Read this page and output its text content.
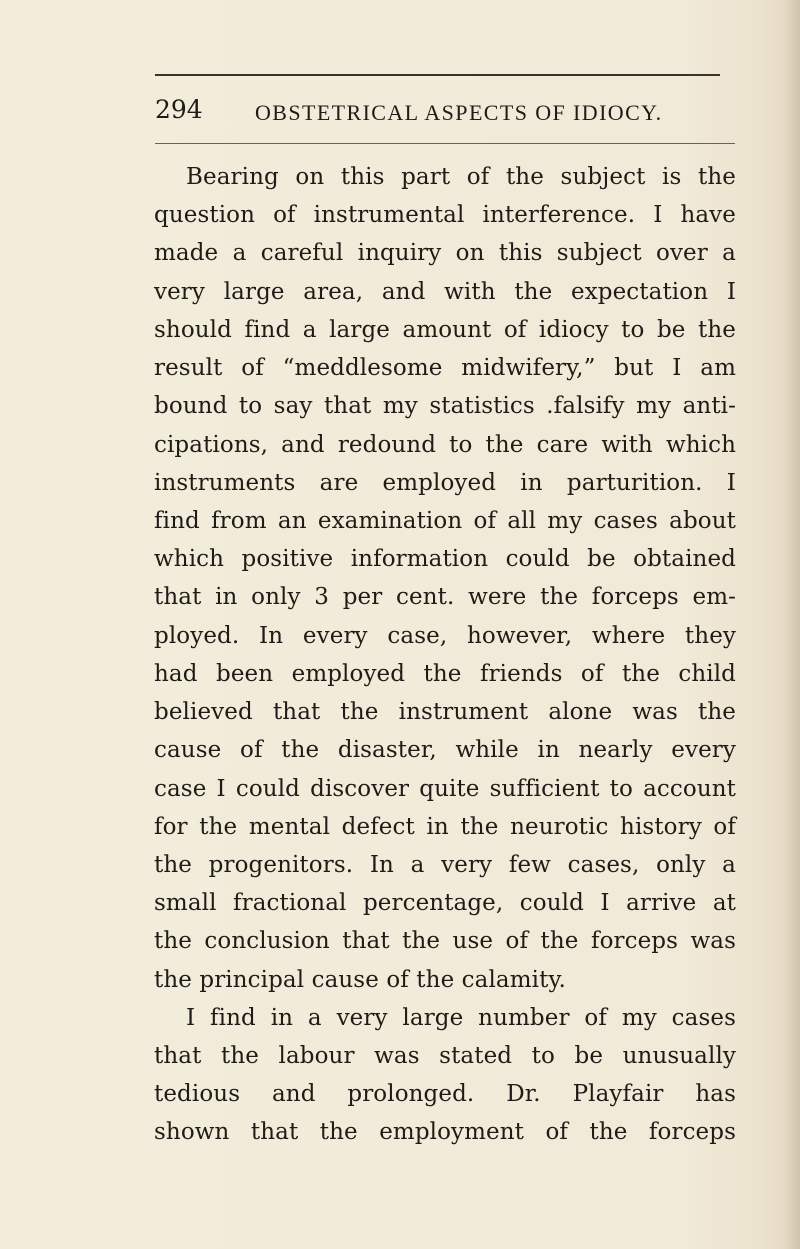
294 OBSTETRICAL ASPECTS OF IDIOCY.
Bearing on this part of the subject is the
question of instrumental interference. I have
made a careful inquiry on this subject over a
very large area, and with the expectation I
should find a large amount of idiocy to be the
result of “meddlesome midwifery,” but I am
bound to say that my statistics .falsify my anti-
cipations, and redound to the care with which
instruments are employed in parturition. I
find from an examination of all my cases about
which positive information could be obtained
that in only 3 per cent. were the forceps em-
ployed. In every case, however, where they
had been employed the friends of the child
believed that the instrument alone was the
cause of the disaster, while in nearly every
case I could discover quite sufficient to account
for the mental defect in the neurotic history of
the progenitors. In a very few cases, only a
small fractional percentage, could I arrive at
the conclusion that the use of the forceps was
the principal cause of the calamity.
I find in a very large number of my cases
that the labour was stated to be unusually
tedious and prolonged. Dr. Playfair has
shown that the employment of the forceps
